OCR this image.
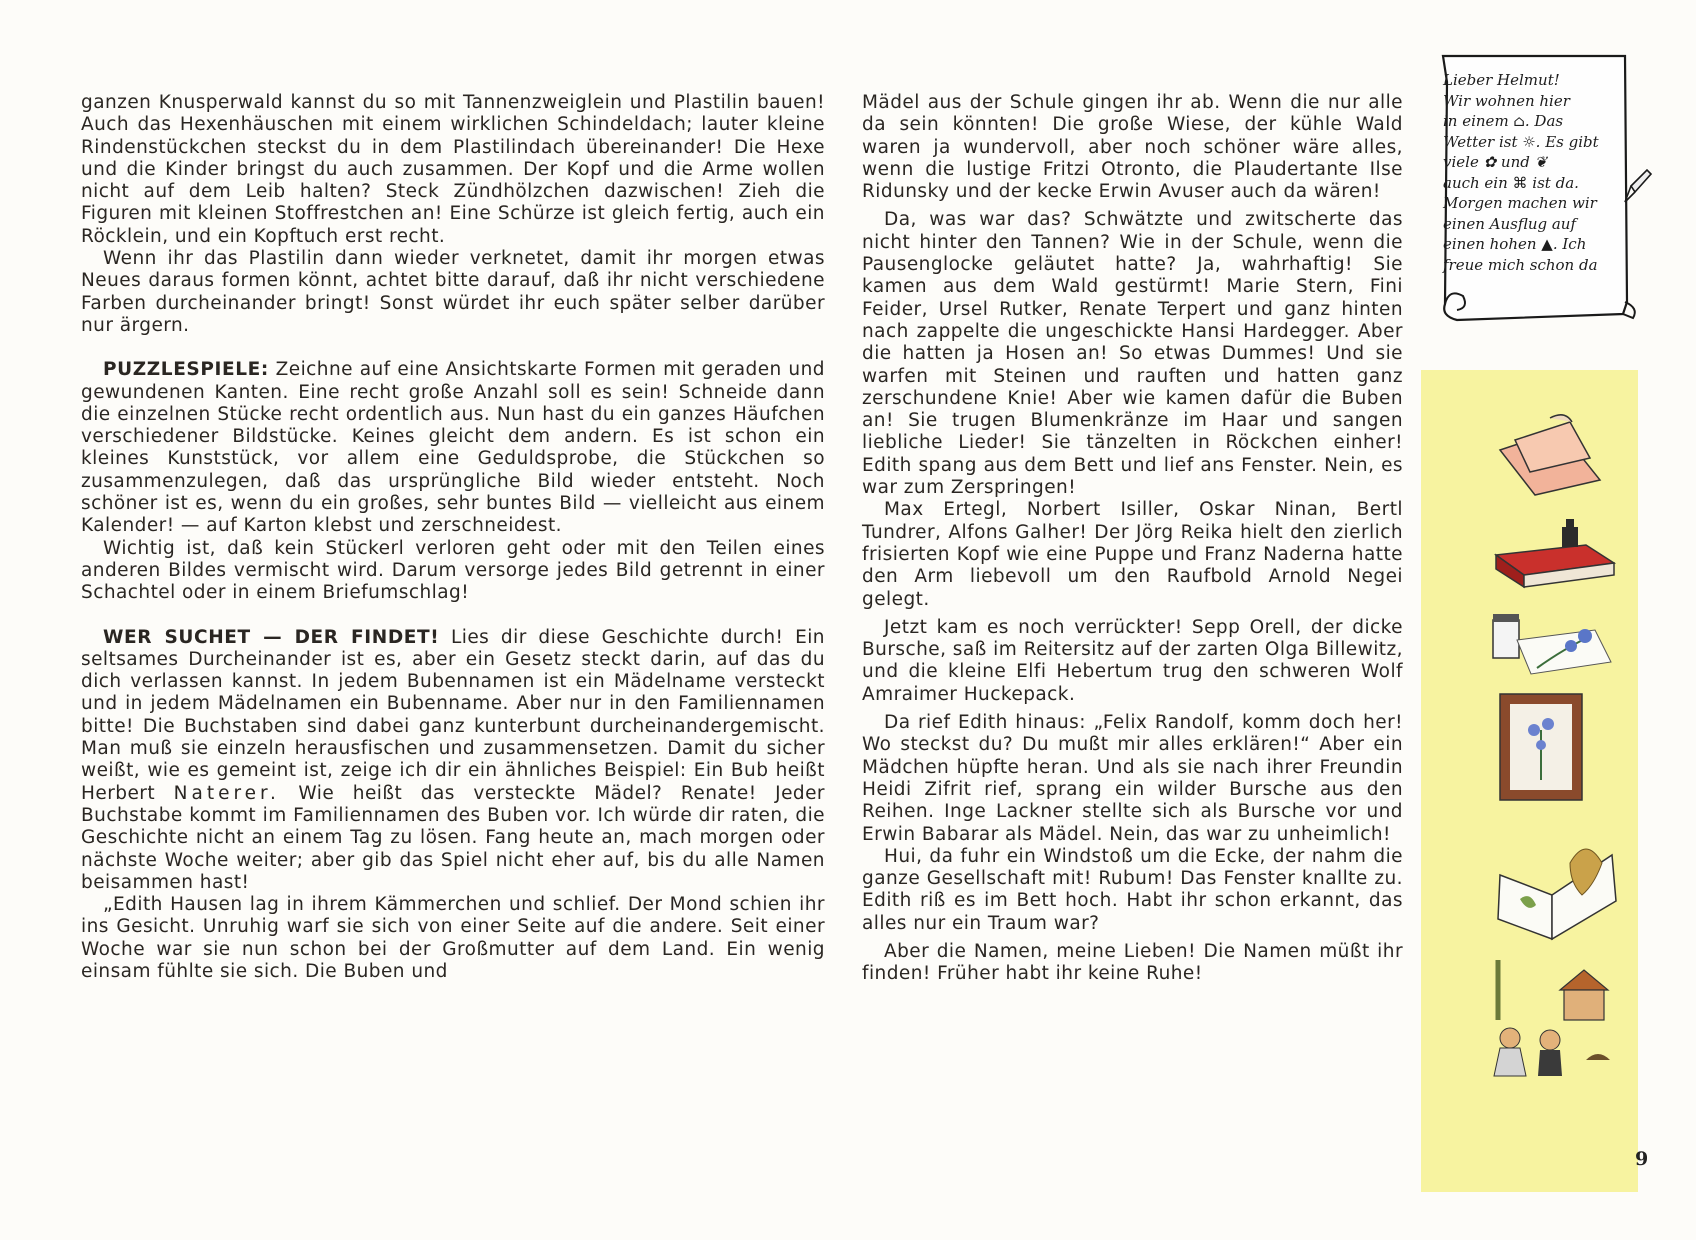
ganzen Knusperwald kannst du so mit Tannenzweiglein und Plastilin bauen! Auch das Hexenhäuschen mit einem wirklichen Schindeldach; lauter kleine Rindenstückchen steckst du in dem Plastilindach übereinander! Die Hexe und die Kinder bringst du auch zusammen. Der Kopf und die Arme wollen nicht auf dem Leib halten? Steck Zündhölzchen dazwischen! Zieh die Figuren mit kleinen Stoffrestchen an! Eine Schürze ist gleich fertig, auch ein Röcklein, und ein Kopftuch erst recht.

Wenn ihr das Plastilin dann wieder verknetet, damit ihr morgen etwas Neues daraus formen könnt, achtet bitte darauf, daß ihr nicht verschiedene Farben durcheinander bringt! Sonst würdet ihr euch später selber darüber nur ärgern.

PUZZLESPIELE: Zeichne auf eine Ansichtskarte Formen mit geraden und gewundenen Kanten. Eine recht große Anzahl soll es sein! Schneide dann die einzelnen Stücke recht ordentlich aus. Nun hast du ein ganzes Häufchen verschiedener Bildstücke. Keines gleicht dem andern. Es ist schon ein kleines Kunststück, vor allem eine Geduldsprobe, die Stückchen so zusammenzulegen, daß das ursprüngliche Bild wieder entsteht. Noch schöner ist es, wenn du ein großes, sehr buntes Bild — vielleicht aus einem Kalender! — auf Karton klebst und zerschneidest.

Wichtig ist, daß kein Stückerl verloren geht oder mit den Teilen eines anderen Bildes vermischt wird. Darum versorge jedes Bild getrennt in einer Schachtel oder in einem Briefumschlag!

WER SUCHET — DER FINDET! Lies dir diese Geschichte durch! Ein seltsames Durcheinander ist es, aber ein Gesetz steckt darin, auf das du dich verlassen kannst. In jedem Bubennamen ist ein Mädelname versteckt und in jedem Mädelnamen ein Bubenname. Aber nur in den Familiennamen bitte! Die Buchstaben sind dabei ganz kunterbunt durcheinandergemischt. Man muß sie einzeln herausfischen und zusammensetzen. Damit du sicher weißt, wie es gemeint ist, zeige ich dir ein ähnliches Beispiel: Ein Bub heißt Herbert Naterer. Wie heißt das versteckte Mädel? Renate! Jeder Buchstabe kommt im Familiennamen des Buben vor. Ich würde dir raten, die Geschichte nicht an einem Tag zu lösen. Fang heute an, mach morgen oder nächste Woche weiter; aber gib das Spiel nicht eher auf, bis du alle Namen beisammen hast!

„Edith Hausen lag in ihrem Kämmerchen und schlief. Der Mond schien ihr ins Gesicht. Unruhig warf sie sich von einer Seite auf die andere. Seit einer Woche war sie nun schon bei der Großmutter auf dem Land. Ein wenig einsam fühlte sie sich. Die Buben und

Mädel aus der Schule gingen ihr ab. Wenn die nur alle da sein könnten! Die große Wiese, der kühle Wald waren ja wundervoll, aber noch schöner wäre alles, wenn die lustige Fritzi Otronto, die Plaudertante Ilse Ridunsky und der kecke Erwin Avuser auch da wären!

Da, was war das? Schwätzte und zwitscherte das nicht hinter den Tannen? Wie in der Schule, wenn die Pausenglocke geläutet hatte? Ja, wahrhaftig! Sie kamen aus dem Wald gestürmt! Marie Stern, Fini Feider, Ursel Rutker, Renate Terpert und ganz hinten nach zappelte die ungeschickte Hansi Hardegger. Aber die hatten ja Hosen an! So etwas Dummes! Und sie warfen mit Steinen und rauften und hatten ganz zerschundene Knie! Aber wie kamen dafür die Buben an! Sie trugen Blumenkränze im Haar und sangen liebliche Lieder! Sie tänzelten in Röckchen einher! Edith spang aus dem Bett und lief ans Fenster. Nein, es war zum Zerspringen!

Max Ertegl, Norbert Isiller, Oskar Ninan, Bertl Tundrer, Alfons Galher! Der Jörg Reika hielt den zierlich frisierten Kopf wie eine Puppe und Franz Naderna hatte den Arm liebevoll um den Raufbold Arnold Negei gelegt.

Jetzt kam es noch verrückter! Sepp Orell, der dicke Bursche, saß im Reitersitz auf der zarten Olga Billewitz, und die kleine Elfi Hebertum trug den schweren Wolf Amraimer Huckepack.

Da rief Edith hinaus: „Felix Randolf, komm doch her! Wo steckst du? Du mußt mir alles erklären!“ Aber ein Mädchen hüpfte heran. Und als sie nach ihrer Freundin Heidi Zifrit rief, sprang ein wilder Bursche aus den Reihen. Inge Lackner stellte sich als Bursche vor und Erwin Babarar als Mädel. Nein, das war zu unheimlich!

Hui, da fuhr ein Windstoß um die Ecke, der nahm die ganze Gesellschaft mit! Rubum! Das Fenster knallte zu. Edith riß es im Bett hoch. Habt ihr schon erkannt, das alles nur ein Traum war?

Aber die Namen, meine Lieben! Die Namen müßt ihr finden! Früher habt ihr keine Ruhe!

Lieber Helmut!
Wir wohnen hier
in einem ⌂. Das
Wetter ist ☼. Es gibt
viele ✿ und ❦
auch ein ⌘ ist da.
Morgen machen wir
einen Ausflug auf
einen hohen ▲. Ich
freue mich schon da
9
